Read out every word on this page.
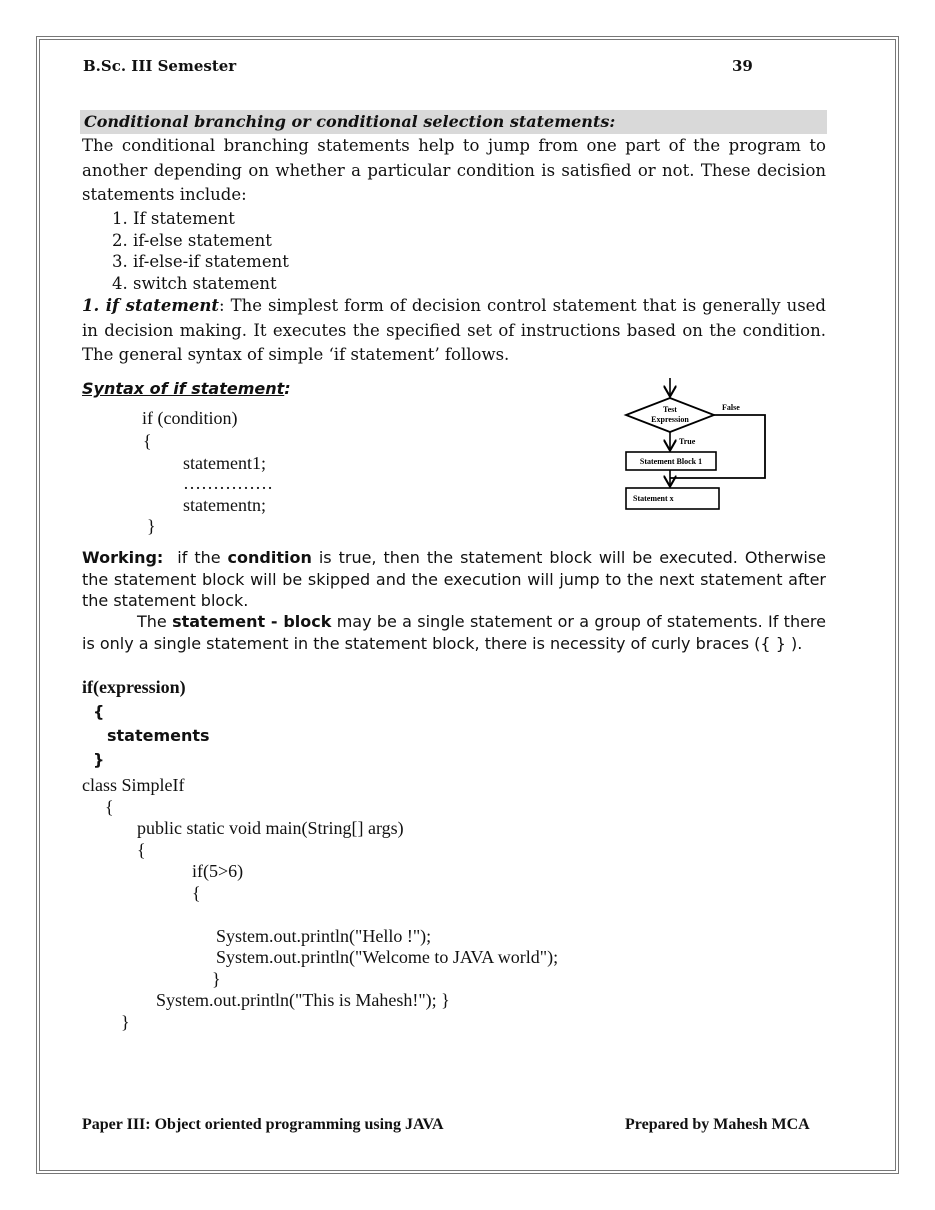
B.Sc. III Semester	39
Conditional branching or conditional selection statements:
The conditional branching statements help to jump from one part of the program to another depending on whether a particular condition is satisfied or not. These decision statements include:
1. If statement
2. if-else statement
3. if-else-if statement
4. switch statement
1. if statement: The simplest form of decision control statement that is generally used in decision making. It executes the specified set of instructions based on the condition. The general syntax of simple ‘if statement’ follows.
Syntax of if statement:
if (condition)
{
statement1;
……………
statementn;
}
Test
Expression
False
True
Statement Block 1
Statement x
Working: if the condition is true, then the statement block will be executed. Otherwise the statement block will be skipped and the execution will jump to the next statement after the statement block.
The statement - block may be a single statement or a group of statements. If there is only a single statement in the statement block, there is necessity of curly braces ({ } ).
if(expression)
{
statements
}
class SimpleIf
{
public static void main(String[] args)
{
if(5>6)
{
System.out.println("Hello !");
System.out.println("Welcome to JAVA world");
}
System.out.println("This is Mahesh!"); }
}
Paper III: Object oriented programming using JAVA	Prepared by Mahesh MCA
